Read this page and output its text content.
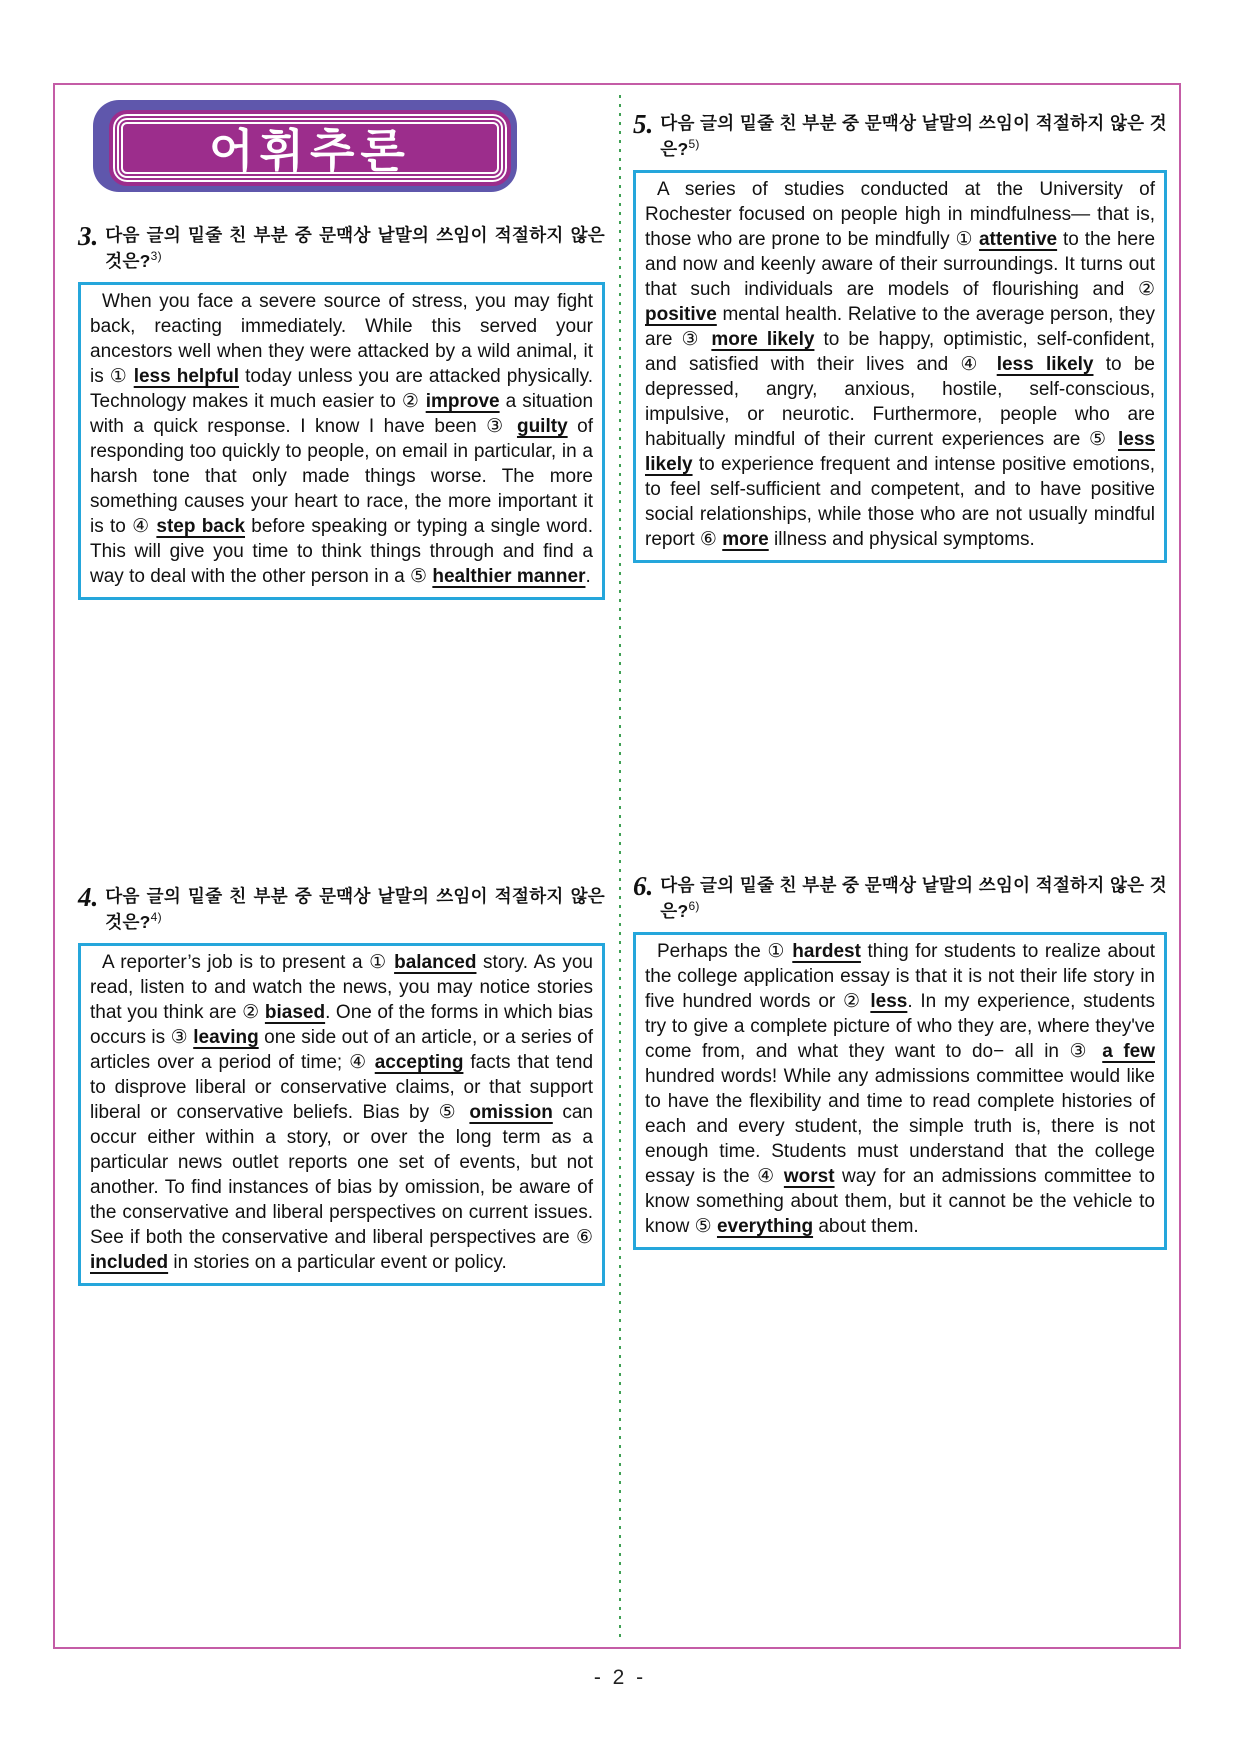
어휘추론
3. 다음 글의 밑줄 친 부분 중 문맥상 낱말의 쓰임이 적절하지 않은 것은?$^{3)}$

When you face a severe source of stress, you may fight back, reacting immediately. While this served your ancestors well when they were attacked by a wild animal, it is ① less helpful today unless you are attacked physically. Technology makes it much easier to ② improve a situation with a quick response. I know I have been ③ guilty of responding too quickly to people, on email in particular, in a harsh tone that only made things worse. The more something causes your heart to race, the more important it is to ④ step back before speaking or typing a single word. This will give you time to think things through and find a way to deal with the other person in a ⑤ healthier manner.

4. 다음 글의 밑줄 친 부분 중 문맥상 낱말의 쓰임이 적절하지 않은 것은?$^{4)}$

A reporter’s job is to present a ① balanced story. As you read, listen to and watch the news, you may notice stories that you think are ② biased. One of the forms in which bias occurs is ③ leaving one side out of an article, or a series of articles over a period of time; ④ accepting facts that tend to disprove liberal or conservative claims, or that support liberal or conservative beliefs. Bias by ⑤ omission can occur either within a story, or over the long term as a particular news outlet reports one set of events, but not another. To find instances of bias by omission, be aware of the conservative and liberal perspectives on current issues. See if both the conservative and liberal perspectives are ⑥ included in stories on a particular event or policy.

5. 다음 글의 밑줄 친 부분 중 문맥상 낱말의 쓰임이 적절하지 않은 것은?$^{5)}$

A series of studies conducted at the University of Rochester focused on people high in mindfulness— that is, those who are prone to be mindfully ① attentive to the here and now and keenly aware of their surroundings. It turns out that such individuals are models of flourishing and ② positive mental health. Relative to the average person, they are ③ more likely to be happy, optimistic, self-confident, and satisfied with their lives and ④ less likely to be depressed, angry, anxious, hostile, self-conscious, impulsive, or neurotic. Furthermore, people who are habitually mindful of their current experiences are ⑤ less likely to experience frequent and intense positive emotions, to feel self-sufficient and competent, and to have positive social relationships, while those who are not usually mindful report ⑥ more illness and physical symptoms.

6. 다음 글의 밑줄 친 부분 중 문맥상 낱말의 쓰임이 적절하지 않은 것은?$^{6)}$

Perhaps the ① hardest thing for students to realize about the college application essay is that it is not their life story in five hundred words or ② less. In my experience, students try to give a complete picture of who they are, where they've come from, and what they want to do− all in ③ a few hundred words! While any admissions committee would like to have the flexibility and time to read complete histories of each and every student, the simple truth is, there is not enough time. Students must understand that the college essay is the ④ worst way for an admissions committee to know something about them, but it cannot be the vehicle to know ⑤ everything about them.

- 2 -
